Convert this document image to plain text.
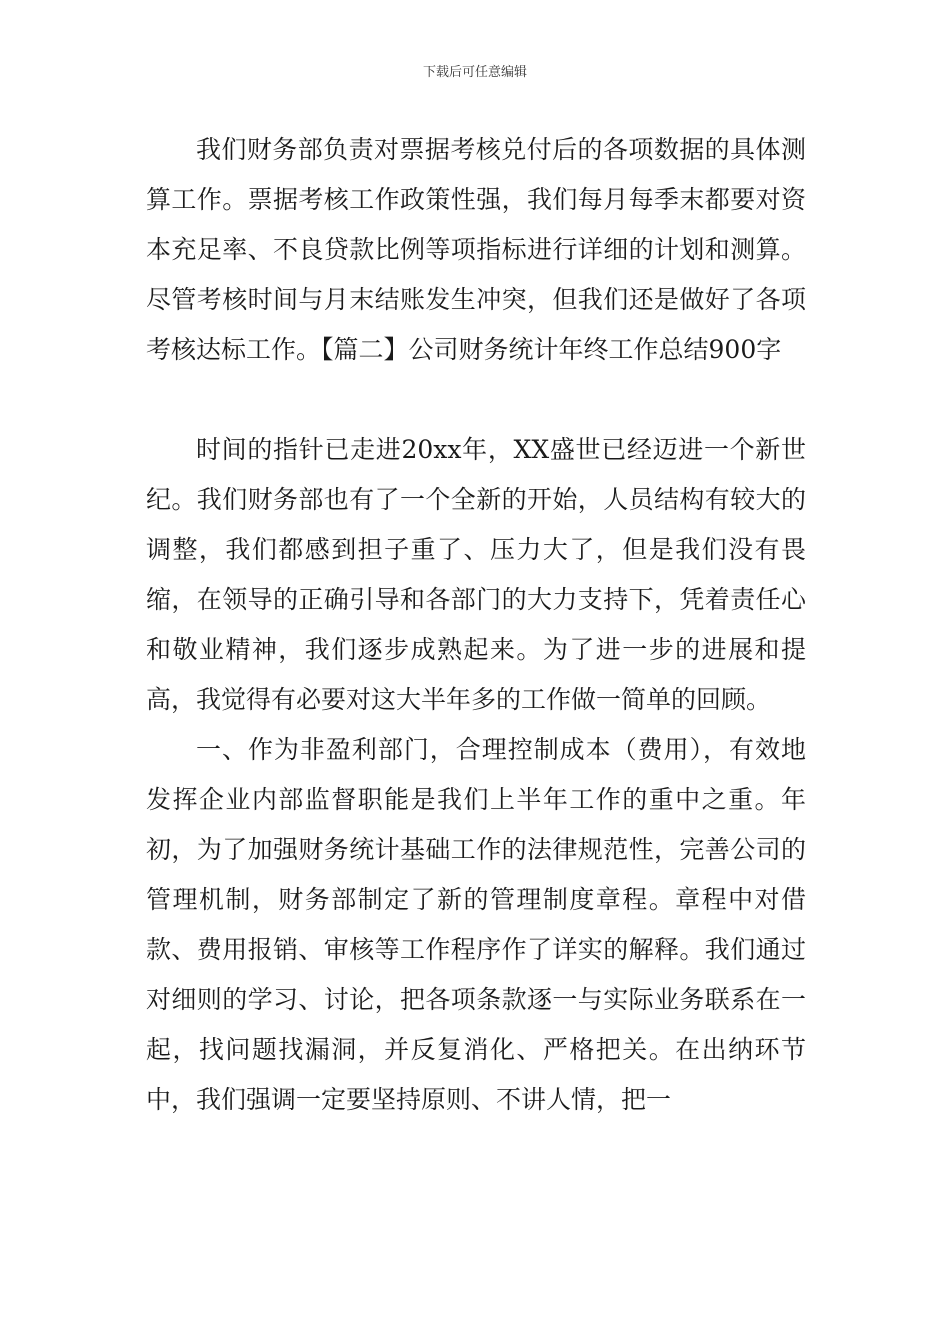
下载后可任意编辑

我们财务部负责对票据考核兑付后的各项数据的具体测算工作。票据考核工作政策性强，我们每月每季末都要对资本充足率、不良贷款比例等项指标进行详细的计划和测算。尽管考核时间与月末结账发生冲突，但我们还是做好了各项考核达标工作。【篇二】公司财务统计年终工作总结900字

时间的指针已走进20xx年，XX盛世已经迈进一个新世纪。我们财务部也有了一个全新的开始，人员结构有较大的调整，我们都感到担子重了、压力大了，但是我们没有畏缩，在领导的正确引导和各部门的大力支持下，凭着责任心和敬业精神，我们逐步成熟起来。为了进一步的进展和提高，我觉得有必要对这大半年多的工作做一简单的回顾。

一、作为非盈利部门，合理控制成本（费用），有效地发挥企业内部监督职能是我们上半年工作的重中之重。年初，为了加强财务统计基础工作的法律规范性，完善公司的管理机制，财务部制定了新的管理制度章程。章程中对借款、费用报销、审核等工作程序作了详实的解释。我们通过对细则的学习、讨论，把各项条款逐一与实际业务联系在一起，找问题找漏洞，并反复消化、严格把关。在出纳环节中，我们强调一定要坚持原则、不讲人情，把一
